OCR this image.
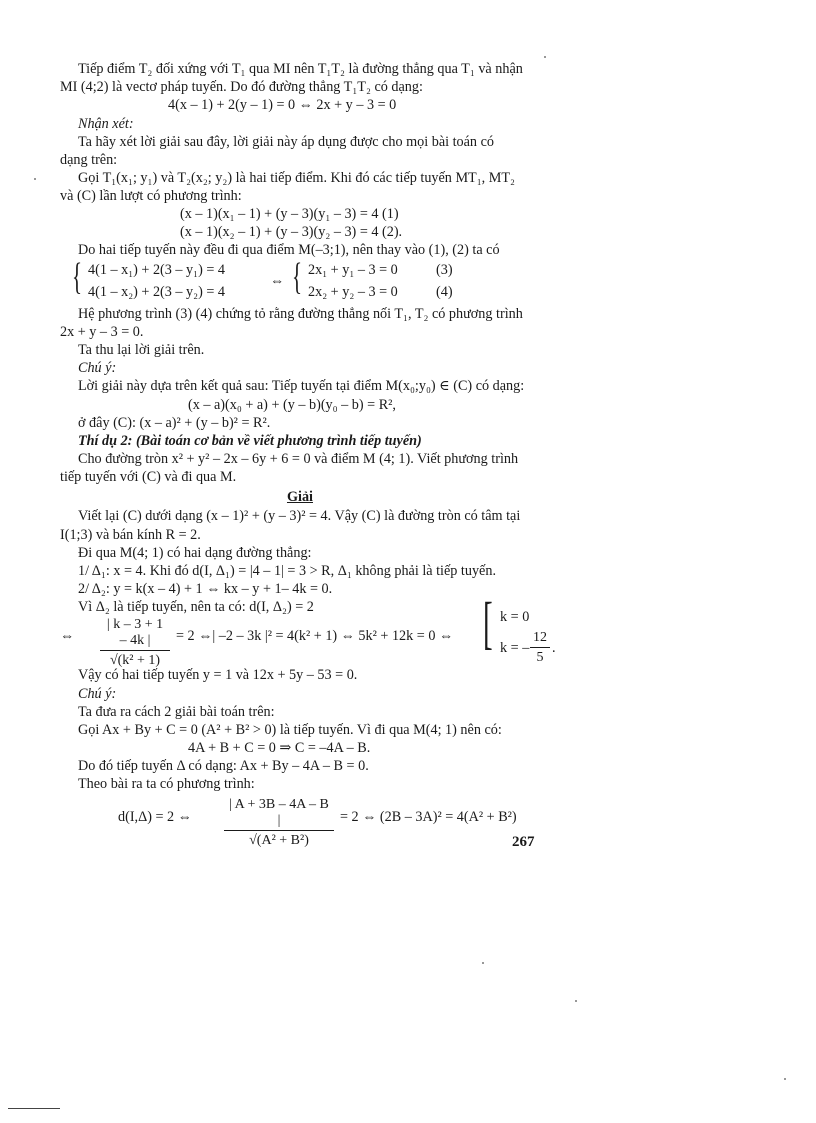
Tiếp điểm T₂ đối xứng với T₁ qua MI nên T₁T₂ là đường thẳng qua T₁ và nhận
MI (4;2) là vectơ pháp tuyến. Do đó đường thẳng T₁T₂ có dạng:
4(x – 1) + 2(y – 1) = 0 ⇔ 2x + y – 3 = 0
Nhận xét:
Ta hãy xét lời giải sau đây, lời giải này áp dụng được cho mọi bài toán có
dạng trên:
Gọi T₁(x₁; y₁) và T₂(x₂; y₂) là hai tiếp điểm. Khi đó các tiếp tuyến MT₁, MT₂
và (C) lần lượt có phương trình:
(x – 1)(x₁ – 1) + (y – 3)(y₁ – 3) = 4 (1)
(x – 1)(x₂ – 1) + (y – 3)(y₂ – 3) = 4 (2).
Do hai tiếp tuyến này đều đi qua điểm M(–3;1), nên thay vào (1), (2) ta có
{ 4(1 – x₁) + 2(3 – y₁) = 4
4(1 – x₂) + 2(3 – y₂) = 4
⇔ { 2x₁ + y₁ – 3 = 0
2x₂ + y₂ – 3 = 0
(3)
(4)
Hệ phương trình (3) (4) chứng tỏ rằng đường thẳng nối T₁, T₂ có phương trình
2x + y – 3 = 0.
Ta thu lại lời giải trên.
Chú ý:
Lời giải này dựa trên kết quả sau: Tiếp tuyến tại điểm M(x₀;y₀) ∈ (C) có dạng:
(x – a)(x₀ + a) + (y – b)(y₀ – b) = R²,
ở đây (C): (x – a)² + (y – b)² = R².
Thí dụ 2: (Bài toán cơ bản về viết phương trình tiếp tuyến)
Cho đường tròn x² + y² – 2x – 6y + 6 = 0 và điểm M (4; 1). Viết phương trình
tiếp tuyến với (C) và đi qua M.
Giải
Viết lại (C) dưới dạng (x – 1)² + (y – 3)² = 4. Vậy (C) là đường tròn có tâm tại
I(1;3) và bán kính R = 2.
Đi qua M(4; 1) có hai dạng đường thẳng:
1/ Δ₁: x = 4. Khi đó d(I, Δ₁) = |4 – 1| = 3 > R, Δ₁ không phải là tiếp tuyến.
2/ Δ₂: y = k(x – 4) + 1 ⇔ kx – y + 1– 4k = 0.
Vì Δ₂ là tiếp tuyến, nên ta có: d(I, Δ₂) = 2
⇔ $\frac{| k - 3 + 1 - 4k |}{\text{√(k² + 1)}} = 2$ ⇔| –2 – 3k |² = 4(k² + 1) ⇔ 5k² + 12k = 0 ⇔ [ k = 0
k = – $\frac{12}{5}$ .
Vậy có hai tiếp tuyến y = 1 và 12x + 5y – 53 = 0.
Chú ý:
Ta đưa ra cách 2 giải bài toán trên:
Gọi Ax + By + C = 0 (A² + B² > 0) là tiếp tuyến. Vì đi qua M(4; 1) nên có:
4A + B + C = 0 ⇒ C = –4A – B.
Do đó tiếp tuyến Δ có dạng: Ax + By – 4A – B = 0.
Theo bài ra ta có phương trình:
d(I,Δ) = 2 ⇔ $\frac{| A + 3B - 4A - B |}{\text{√(A² + B²)}} = 2$ ⇔ (2B – 3A)² = 4(A² + B²)
267
